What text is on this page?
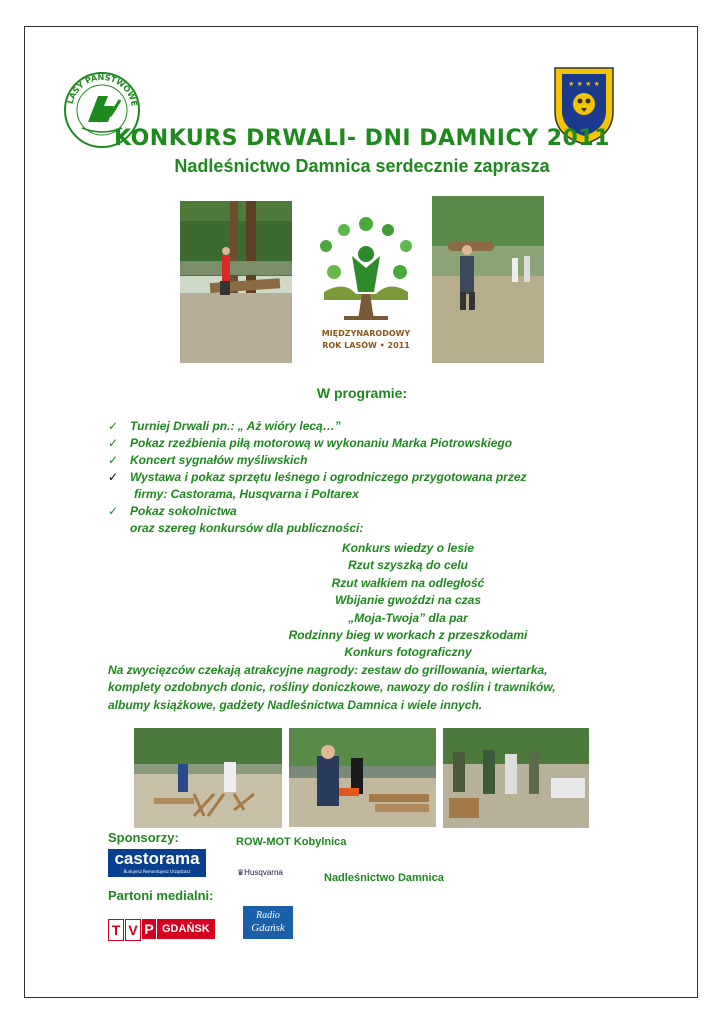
LASY PAŃSTWOWE
★ ★ ★ ★
KONKURS DRWALI- DNI DAMNICY 2011
Nadleśnictwo Damnica serdecznie zaprasza
MIĘDZYNARODOWY
ROK LASÓW • 2011
W programie:
✓ Turniej Drwali pn.: „ Aż wióry lecą…”
✓ Pokaz rzeźbienia piłą motorową w wykonaniu Marka Piotrowskiego
✓ Koncert sygnałów myśliwskich
✓ Wystawa i pokaz sprzętu leśnego i ogrodniczego przygotowana przez
firmy: Castorama, Husqvarna i Poltarex
✓ Pokaz sokolnictwa
oraz szereg konkursów dla publiczności:
Konkurs wiedzy o lesie
Rzut szyszką do celu
Rzut wałkiem na odległość
Wbijanie gwoździ na czas
„Moja-Twoja” dla par
Rodzinny bieg w workach z przeszkodami
Konkurs fotograficzny
Na zwycięzców czekają atrakcyjne nagrody: zestaw do grillowania, wiertarka,
komplety ozdobnych donic, rośliny doniczkowe, nawozy do roślin i trawników,
albumy książkowe, gadżety Nadleśnictwa Damnica i wiele innych.
Sponsorzy:	ROW-MOT Kobylnica
castorama
Budujesz Remontujesz Urządzasz	♛Husqvarna	Nadleśnictwo Damnica
Partoni medialni:
T V P GDAŃSK
Radio
Gdańsk
